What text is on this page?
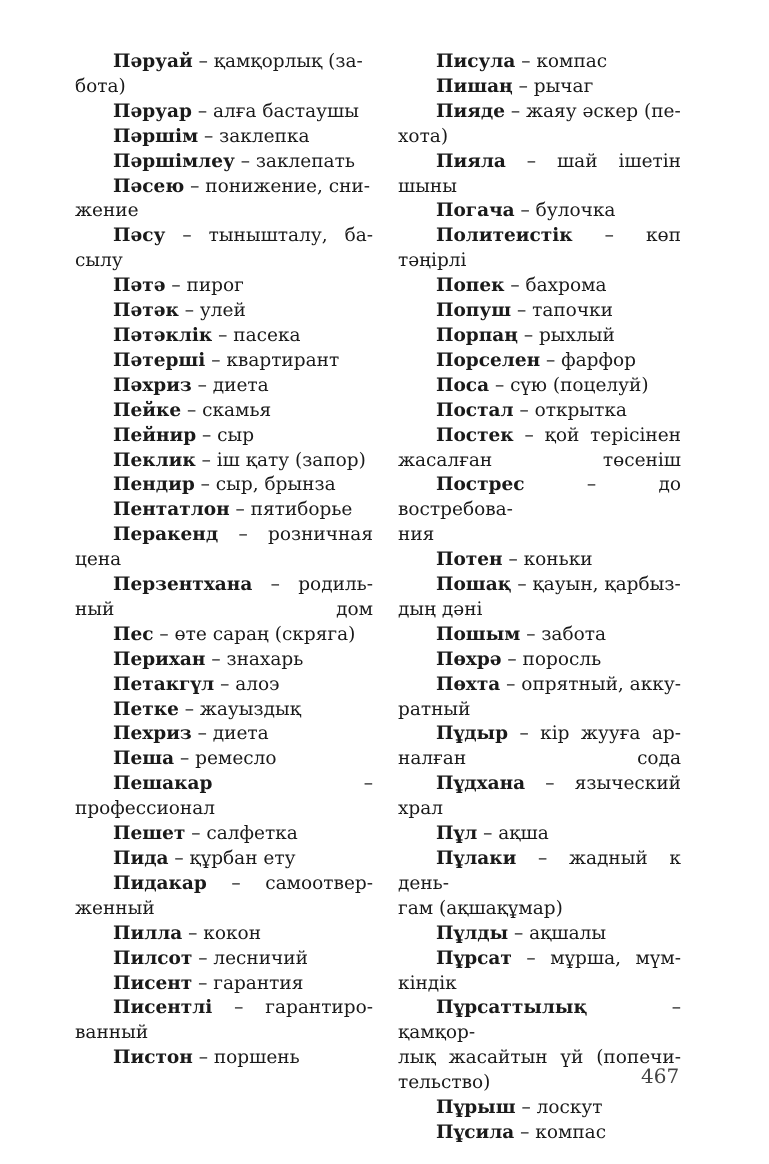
Пəруай – қамқорлық (за-
бота)

Пəруар – алға бастаушы

Пəршім – заклепка

Пəршімлеу – заклепать

Пəсею – понижение, сни-
жение

Пəсу – тынышталу, ба-
сылу

Пəтə – пирог

Пəтəк – улей

Пəтəклік – пасека

Пəтерші – квартирант

Пəхриз – диета

Пейке – скамья

Пейнир – сыр

Пеклик – іш қату (запор)

Пендир – сыр, брынза

Пентатлон – пятиборье

Перакенд – розничная
цена

Перзентхана – родиль-
ный дом

Пес – өте сараң (скряга)

Перихан – знахарь

Петакгүл – алоэ

Петке – жауыздық

Пехриз – диета

Пеша – ремесло

Пешакар – профессионал

Пешет – салфетка

Пида – құрбан ету

Пидакар – самоотвер-
женный

Пилла – кокон

Пилсот – лесничий

Писент – гарантия

Писентлі – гарантиро-
ванный

Пистон – поршень

Писула – компас

Пишаң – рычаг

Пияде – жаяу əскер (пе-
хота)

Пияла – шай ішетін
шыны

Погача – булочка

Политеистік – көп тəңірлі

Попек – бахрома

Попуш – тапочки

Порпаң – рыхлый

Порселен – фарфор

Поса – сүю (поцелуй)

Постал – открытка

Постек – қой терісінен
жасалған төсеніш

Пострес – до востребова-
ния

Потен – коньки

Пошақ – қауын, қарбыз-
дың дəні

Пошым – забота

Пөхрə – поросль

Пөхта – опрятный, акку-
ратный

Пұдыр – кір жууға ар-
налған сода

Пұдхана – языческий
храл

Пұл – ақша

Пұлаки – жадный к день-
гам (ақшақұмар)

Пұлды – ақшалы

Пұрсат – мұрша, мүм-
кіндік

Пұрсаттылық – қамқор-
лық жасайтын үй (попечи-
тельство)

Пұрыш – лоскут

Пұсила – компас

467
